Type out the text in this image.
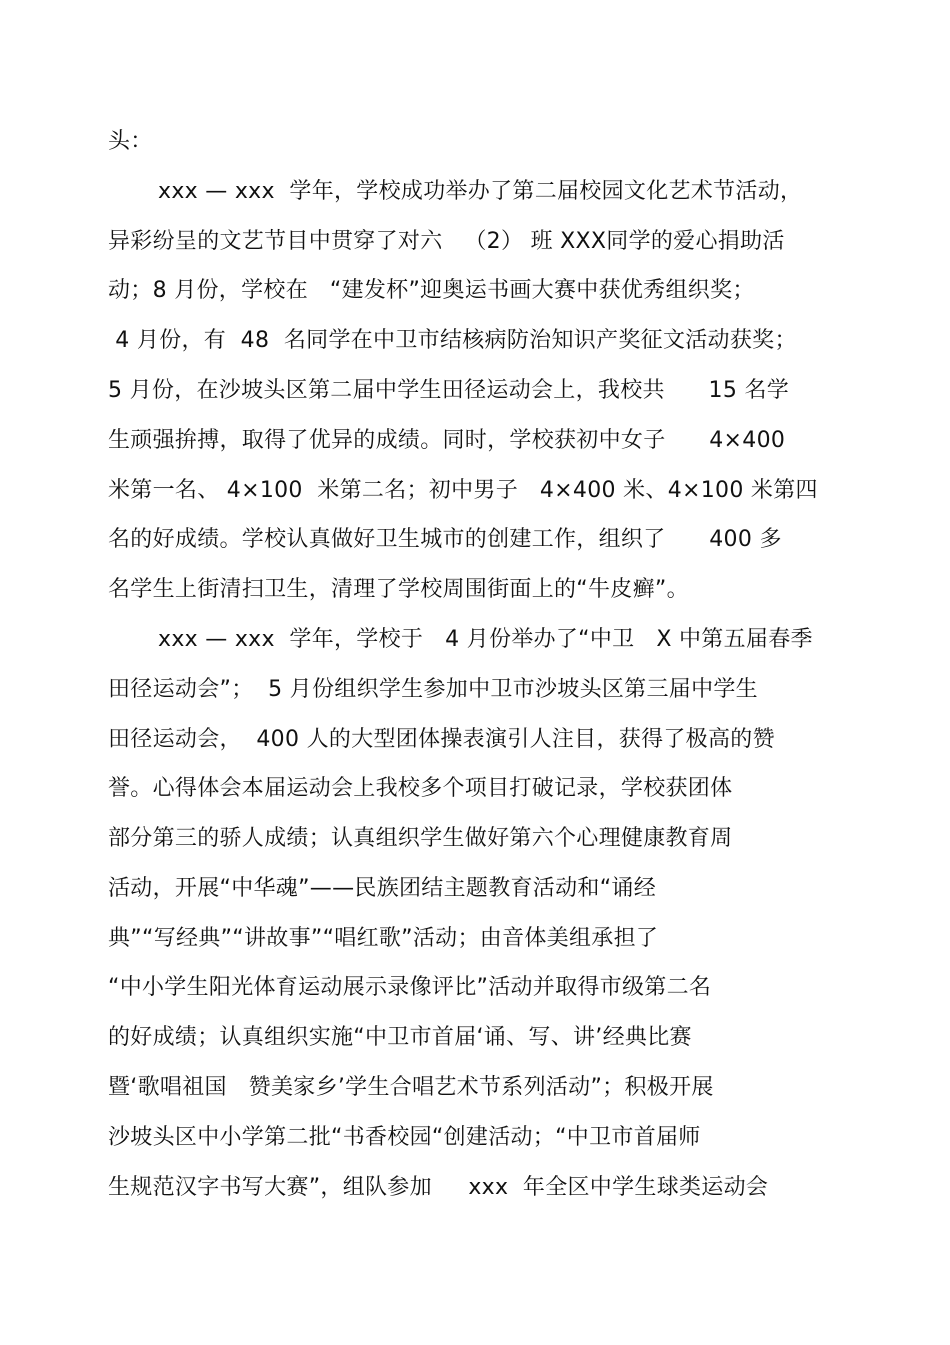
头：
xxx — xxx  学年，学校成功举办了第二届校园文化艺术节活动，
异彩纷呈的文艺节目中贯穿了对六   （2） 班 XXX同学的爱心捐助活
动；8 月份，学校在   “建发杯”迎奥运书画大赛中获优秀组织奖；
4 月份，有  48  名同学在中卫市结核病防治知识产奖征文活动获奖；
5 月份，在沙坡头区第二届中学生田径运动会上，我校共      15 名学
生顽强拚搏，取得了优异的成绩。同时，学校获初中女子      4×400
米第一名、 4×100  米第二名；初中男子   4×400 米、4×100 米第四
名的好成绩。学校认真做好卫生城市的创建工作，组织了      400 多
名学生上街清扫卫生，清理了学校周围街面上的“牛皮癣”。
xxx — xxx  学年，学校于   4 月份举办了“中卫   X 中第五届春季
田径运动会”；  5 月份组织学生参加中卫市沙坡头区第三届中学生
田径运动会，  400 人的大型团体操表演引人注目，获得了极高的赞
誉。心得体会本届运动会上我校多个项目打破记录，学校获团体
部分第三的骄人成绩；认真组织学生做好第六个心理健康教育周
活动，开展“中华魂”——民族团结主题教育活动和“诵经
典”“写经典”“讲故事”“唱红歌”活动；由音体美组承担了
“中小学生阳光体育运动展示录像评比”活动并取得市级第二名
的好成绩；认真组织实施“中卫市首届‘诵、写、讲’经典比赛
暨‘歌唱祖国   赞美家乡’学生合唱艺术节系列活动”；积极开展
沙坡头区中小学第二批“书香校园“创建活动；“中卫市首届师
生规范汉字书写大赛”，组队参加     xxx  年全区中学生球类运动会
